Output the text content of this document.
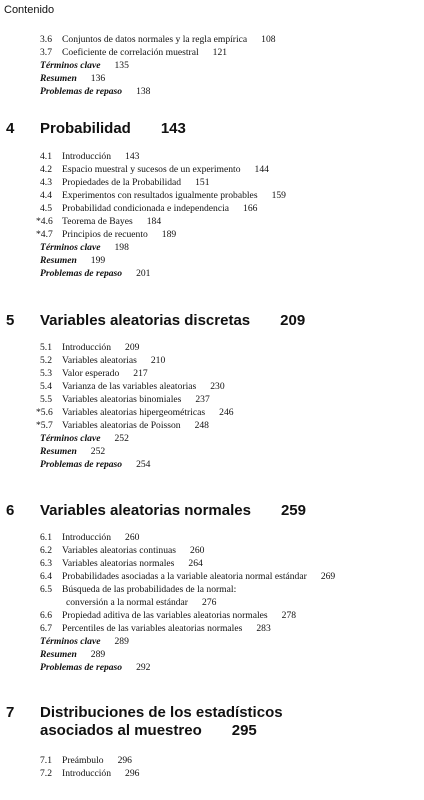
Contenido
3.6 Conjuntos de datos normales y la regla empírica 108
3.7 Coeficiente de correlación muestral 121
Términos clave 135
Resumen 136
Problemas de repaso 138
4 Probabilidad 143
4.1 Introducción 143
4.2 Espacio muestral y sucesos de un experimento 144
4.3 Propiedades de la Probabilidad 151
4.4 Experimentos con resultados igualmente probables 159
4.5 Probabilidad condicionada e independencia 166
*4.6 Teorema de Bayes 184
*4.7 Principios de recuento 189
Términos clave 198
Resumen 199
Problemas de repaso 201
5 Variables aleatorias discretas 209
5.1 Introducción 209
5.2 Variables aleatorias 210
5.3 Valor esperado 217
5.4 Varianza de las variables aleatorias 230
5.5 Variables aleatorias binomiales 237
*5.6 Variables aleatorias hipergeométricas 246
*5.7 Variables aleatorias de Poisson 248
Términos clave 252
Resumen 252
Problemas de repaso 254
6 Variables aleatorias normales 259
6.1 Introducción 260
6.2 Variables aleatorias continuas 260
6.3 Variables aleatorias normales 264
6.4 Probabilidades asociadas a la variable aleatoria normal estándar 269
6.5 Búsqueda de las probabilidades de la normal:
conversión a la normal estándar 276
6.6 Propiedad aditiva de las variables aleatorias normales 278
6.7 Percentiles de las variables aleatorias normales 283
Términos clave 289
Resumen 289
Problemas de repaso 292
7 Distribuciones de los estadísticos
asociados al muestreo 295
7.1 Preámbulo 296
7.2 Introducción 296
